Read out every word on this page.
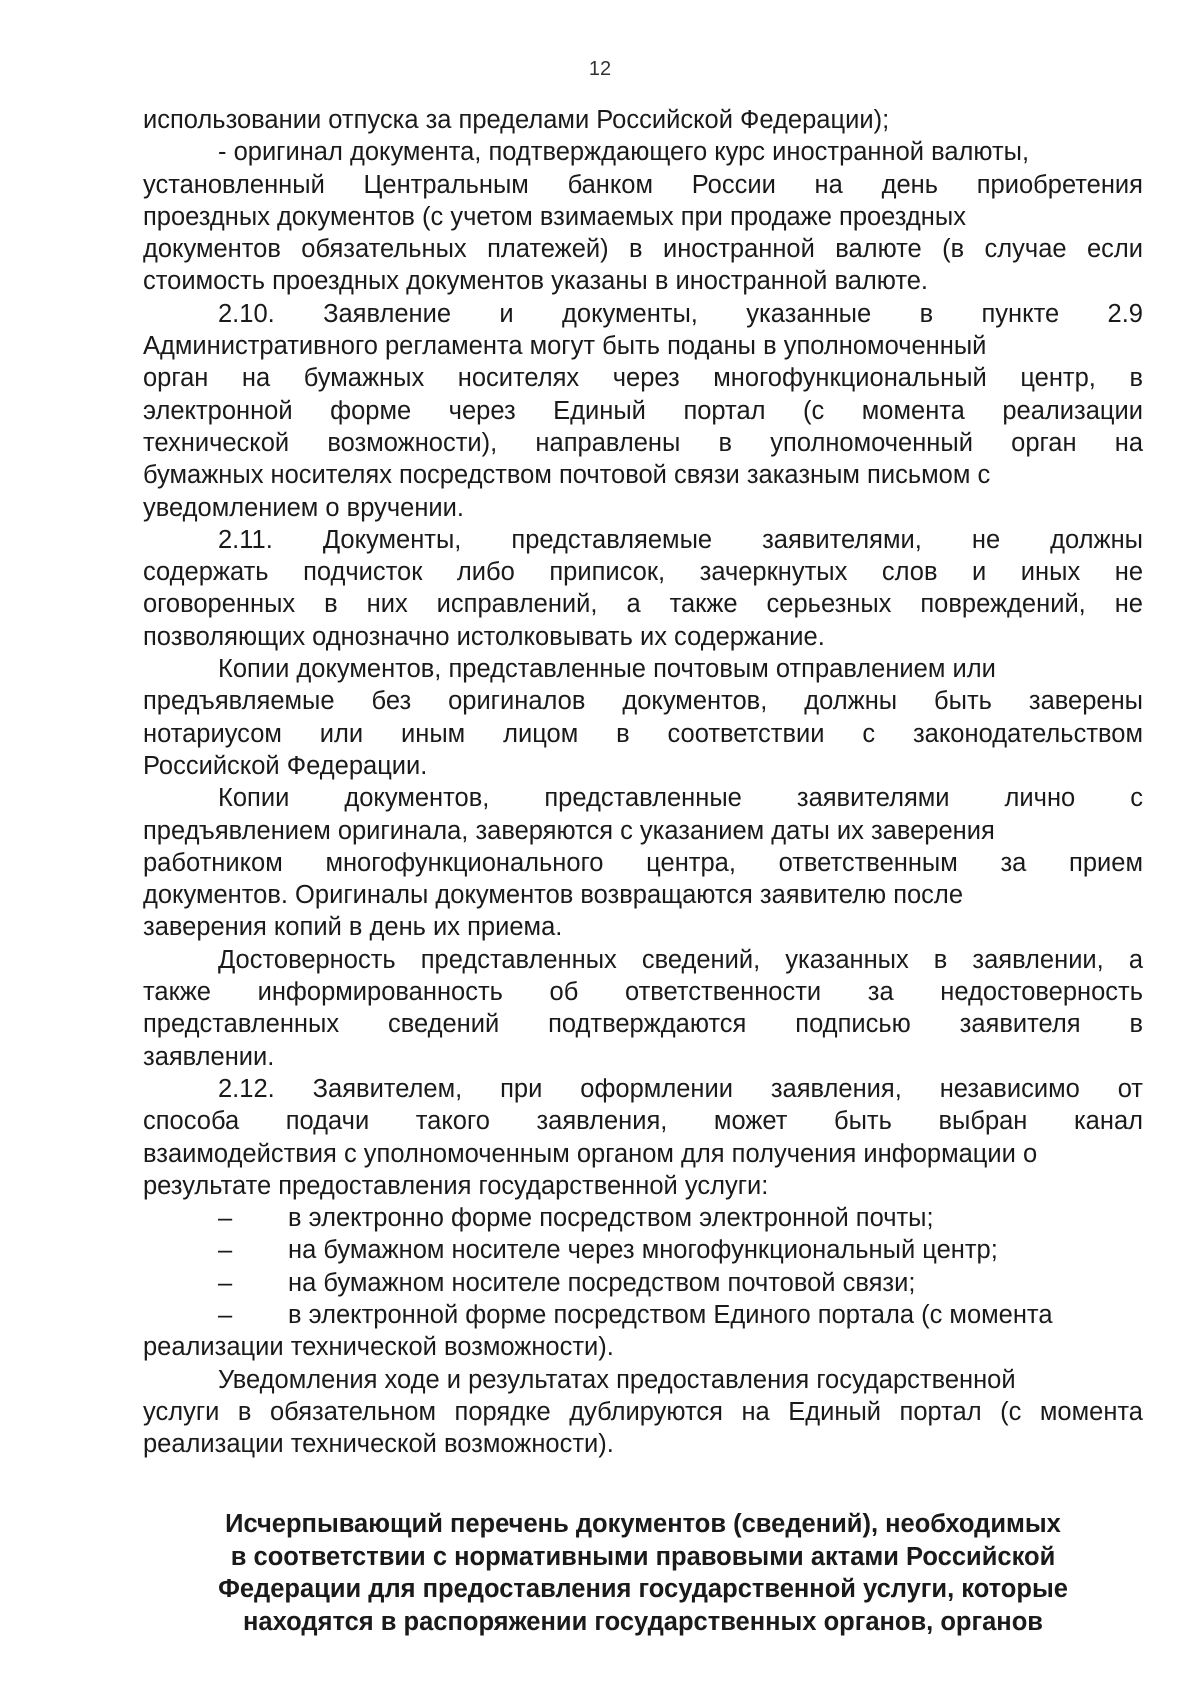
12
использовании отпуска за пределами Российской Федерации);
- оригинал документа, подтверждающего курс иностранной валюты,
установленный Центральным банком России на день приобретения
проездных документов (с учетом взимаемых при продаже проездных
документов обязательных платежей) в иностранной валюте (в случае если
стоимость проездных документов указаны в иностранной валюте.
2.10. Заявление и документы, указанные в пункте 2.9
Административного регламента могут быть поданы в уполномоченный
орган на бумажных носителях через многофункциональный центр, в
электронной форме через Единый портал (с момента реализации
технической возможности), направлены в уполномоченный орган на
бумажных носителях посредством почтовой связи заказным письмом с
уведомлением о вручении.
2.11. Документы, представляемые заявителями, не должны
содержать подчисток либо приписок, зачеркнутых слов и иных не
оговоренных в них исправлений, а также серьезных повреждений, не
позволяющих однозначно истолковывать их содержание.
Копии документов, представленные почтовым отправлением или
предъявляемые без оригиналов документов, должны быть заверены
нотариусом или иным лицом в соответствии с законодательством
Российской Федерации.
Копии документов, представленные заявителями лично с
предъявлением оригинала, заверяются с указанием даты их заверения
работником многофункционального центра, ответственным за прием
документов. Оригиналы документов возвращаются заявителю после
заверения копий в день их приема.
Достоверность представленных сведений, указанных в заявлении, а
также информированность об ответственности за недостоверность
представленных сведений подтверждаются подписью заявителя в
заявлении.
2.12. Заявителем, при оформлении заявления, независимо от
способа подачи такого заявления, может быть выбран канал
взаимодействия с уполномоченным органом для получения информации о
результате предоставления государственной услуги:
– в электронно форме посредством электронной почты;
– на бумажном носителе через многофункциональный центр;
– на бумажном носителе посредством почтовой связи;
– в электронной форме посредством Единого портала (с момента
реализации технической возможности).
Уведомления ходе и результатах предоставления государственной
услуги в обязательном порядке дублируются на Единый портал (с момента
реализации технической возможности).
Исчерпывающий перечень документов (сведений), необходимых
в соответствии с нормативными правовыми актами Российской
Федерации для предоставления государственной услуги, которые
находятся в распоряжении государственных органов, органов
